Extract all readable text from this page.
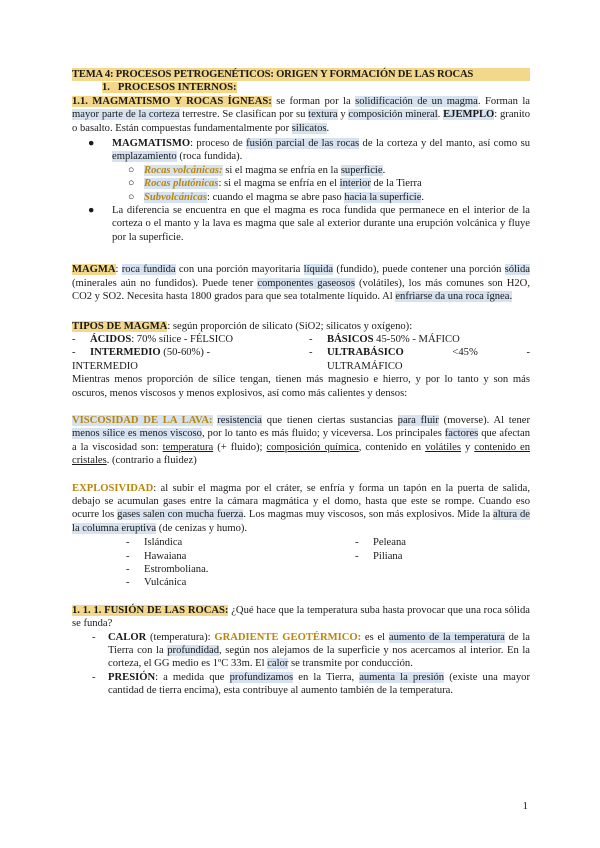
TEMA 4: PROCESOS PETROGENÉTICOS: ORIGEN Y FORMACIÓN DE LAS ROCAS
1.   PROCESOS INTERNOS:

1.1. MAGMATISMO Y ROCAS ÍGNEAS: se forman por la solidificación de un magma. Forman la mayor parte de la corteza terrestre. Se clasifican por su textura y composición mineral. EJEMPLO: granito o basalto. Están compuestas fundamentalmente por silicatos.

● MAGMATISMO: proceso de fusión parcial de las rocas de la corteza y del manto, así como su emplazamiento (roca fundida).
○ Rocas volcánicas: si el magma se enfría en la superficie.
○ Rocas plutónicas: si el magma se enfría en el interior de la Tierra
○ Subvolcánicas: cuando el magma se abre paso hacia la superficie.
● La diferencia se encuentra en que el magma es roca fundida que permanece en el interior de la corteza o el manto y la lava es magma que sale al exterior durante una erupción volcánica y fluye por la superficie.

MAGMA: roca fundida con una porción mayoritaria líquida (fundido), puede contener una porción sólida (minerales aún no fundidos). Puede tener componentes gaseosos (volátiles), los más comunes son H2O, CO2 y SO2. Necesita hasta 1800 grados para que sea totalmente líquido. Al enfriarse da una roca ígnea.

TIPOS DE MAGMA: según proporción de silicato (SiO2; silicatos y oxígeno):

- ÁCIDOS: 70% sílice - FÉLSICO	- BÁSICOS 45-50% - MÁFICO
- INTERMEDIO (50-60%) -	- ULTRABÁSICO	<45%	-
INTERMEDIO	ULTRAMÁFICO

Mientras menos proporción de sílice tengan, tienen más magnesio e hierro, y por lo tanto y son más oscuros, menos viscosos y menos explosivos, así como más calientes y densos:

VISCOSIDAD DE LA LAVA: resistencia que tienen ciertas sustancias para fluir (moverse). Al tener menos sílice es menos viscoso, por lo tanto es más fluido; y viceversa. Los principales factores que afectan a la viscosidad son: temperatura (+ fluido); composición química, contenido en volátiles y contenido en cristales. (contrario a fluidez)

EXPLOSIVIDAD: al subir el magma por el cráter, se enfría y forma un tapón en la puerta de salida, debajo se acumulan gases entre la cámara magmática y el domo, hasta que este se rompe. Cuando eso ocurre los gases salen con mucha fuerza. Los magmas muy viscosos, son más explosivos. Mide la altura de la columna eruptiva (de cenizas y humo).

- Islándica	- Peleana
- Hawaiana	- Piliana
- Estromboliana.
- Vulcánica

1. 1. 1. FUSIÓN DE LAS ROCAS: ¿Qué hace que la temperatura suba hasta provocar que una roca sólida se funda?

- CALOR (temperatura): GRADIENTE GEOTÉRMICO: es el aumento de la temperatura de la Tierra con la profundidad, según nos alejamos de la superficie y nos acercamos al interior. En la corteza, el GG medio es 1ºC 33m. El calor se transmite por conducción.
- PRESIÓN: a medida que profundizamos en la Tierra, aumenta la presión (existe una mayor cantidad de tierra encima), esta contribuye al aumento también de la temperatura.
1
